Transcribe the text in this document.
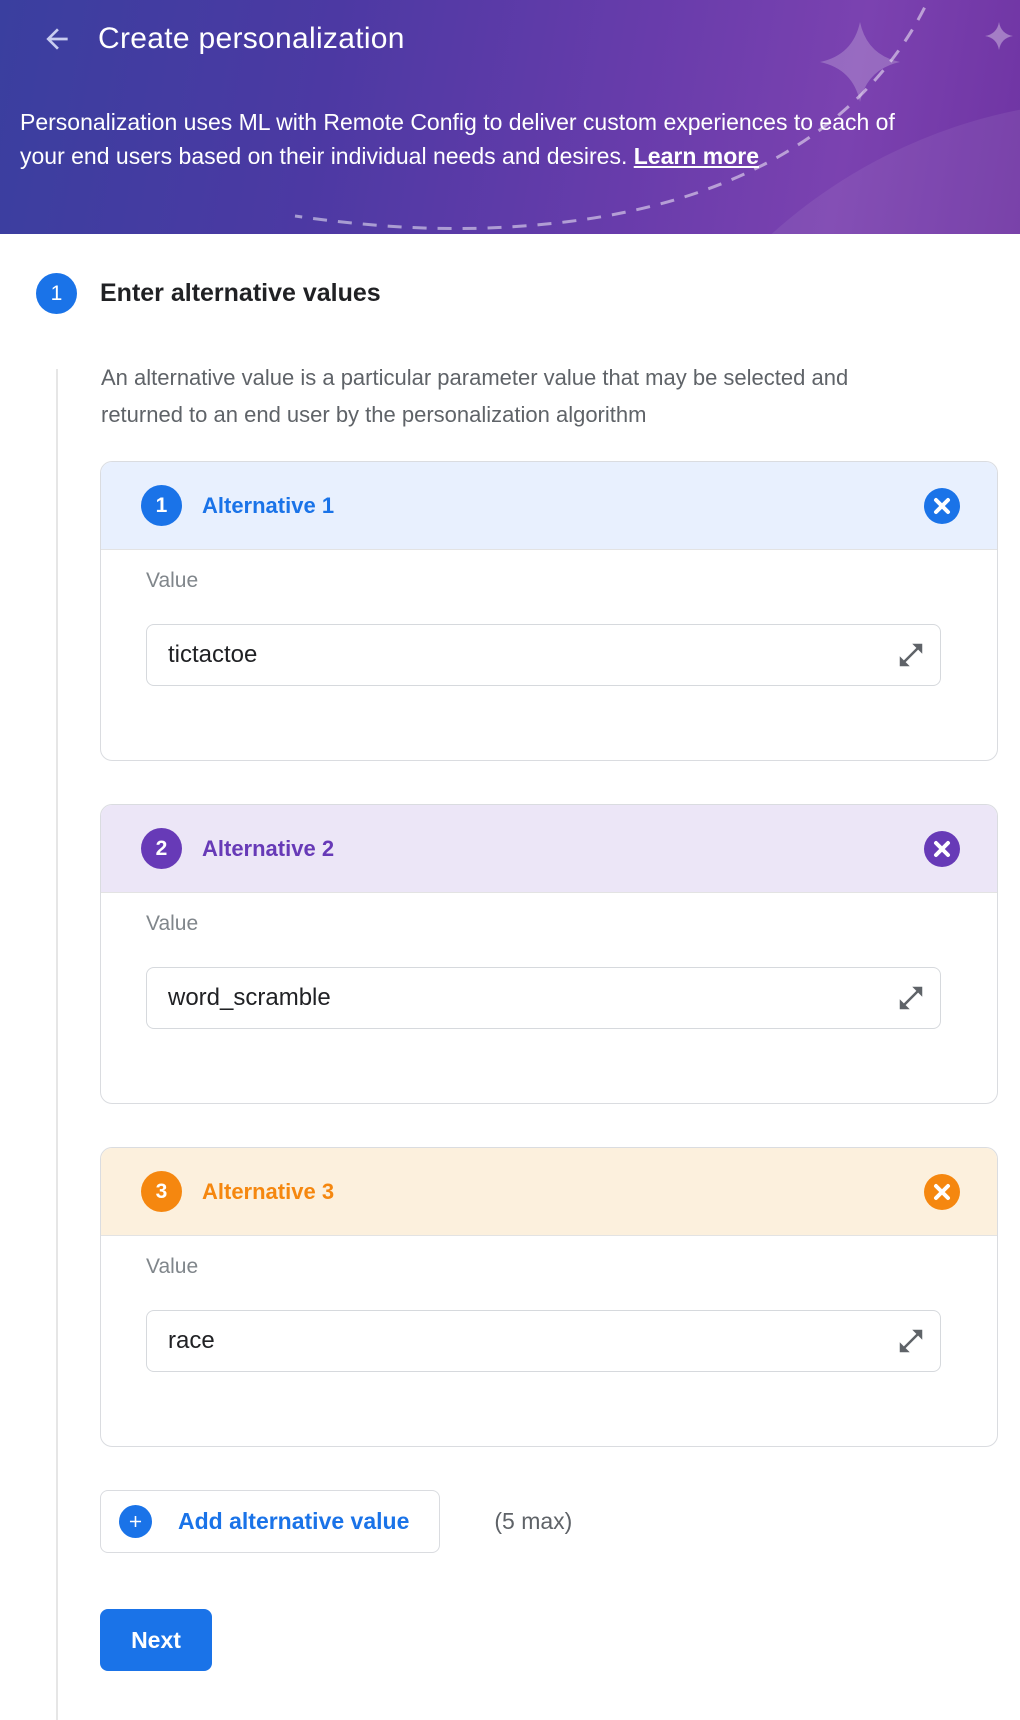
Create personalization

Personalization uses ML with Remote Config to deliver custom experiences to each of your end users based on their individual needs and desires. Learn more

1	Enter alternative values

An alternative value is a particular parameter value that may be selected and returned to an end user by the personalization algorithm

1	Alternative 1
Value
tictactoe
2	Alternative 2
Value
word_scramble
3	Alternative 3
Value
race
Add alternative value	(5 max)
Next
